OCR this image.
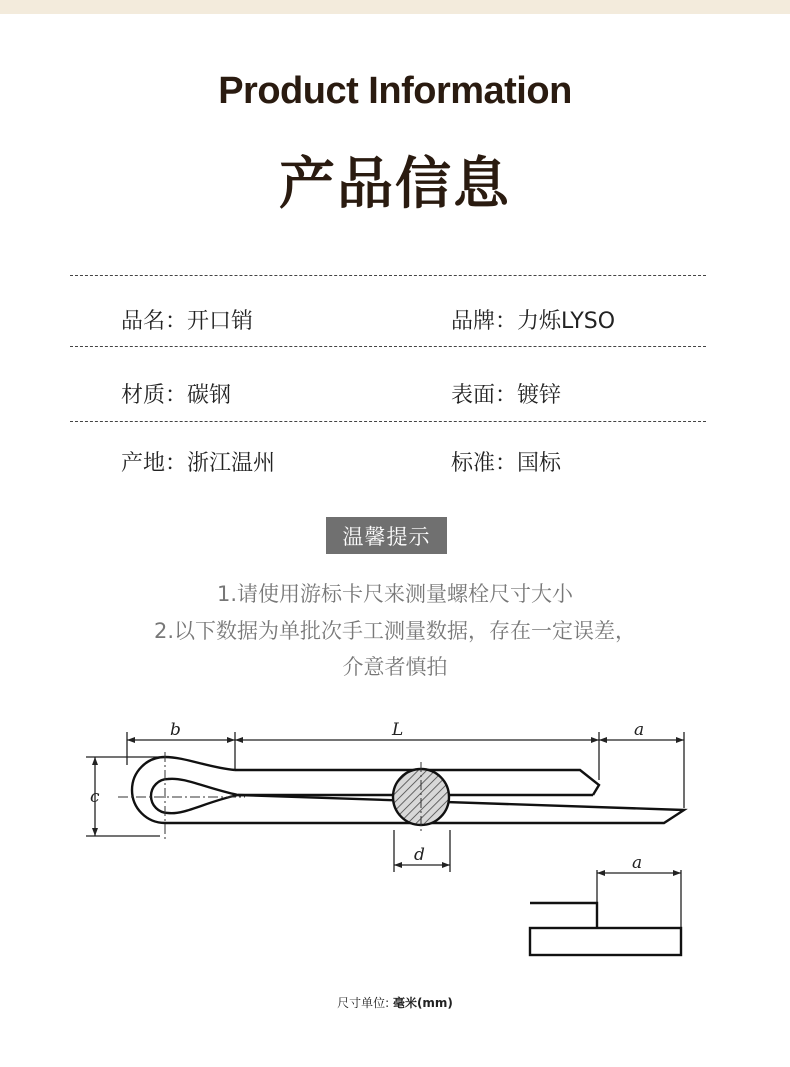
Product Information
产品信息
品名：开口销	品牌：力烁LYSO
材质：碳钢	表面：镀锌
产地：浙江温州	标准：国标
温馨提示
1.请使用游标卡尺来测量螺栓尺寸大小
2.以下数据为单批次手工测量数据，存在一定误差，
介意者慎拍
b	L	a
c
d	a
尺寸单位: 毫米(mm)
